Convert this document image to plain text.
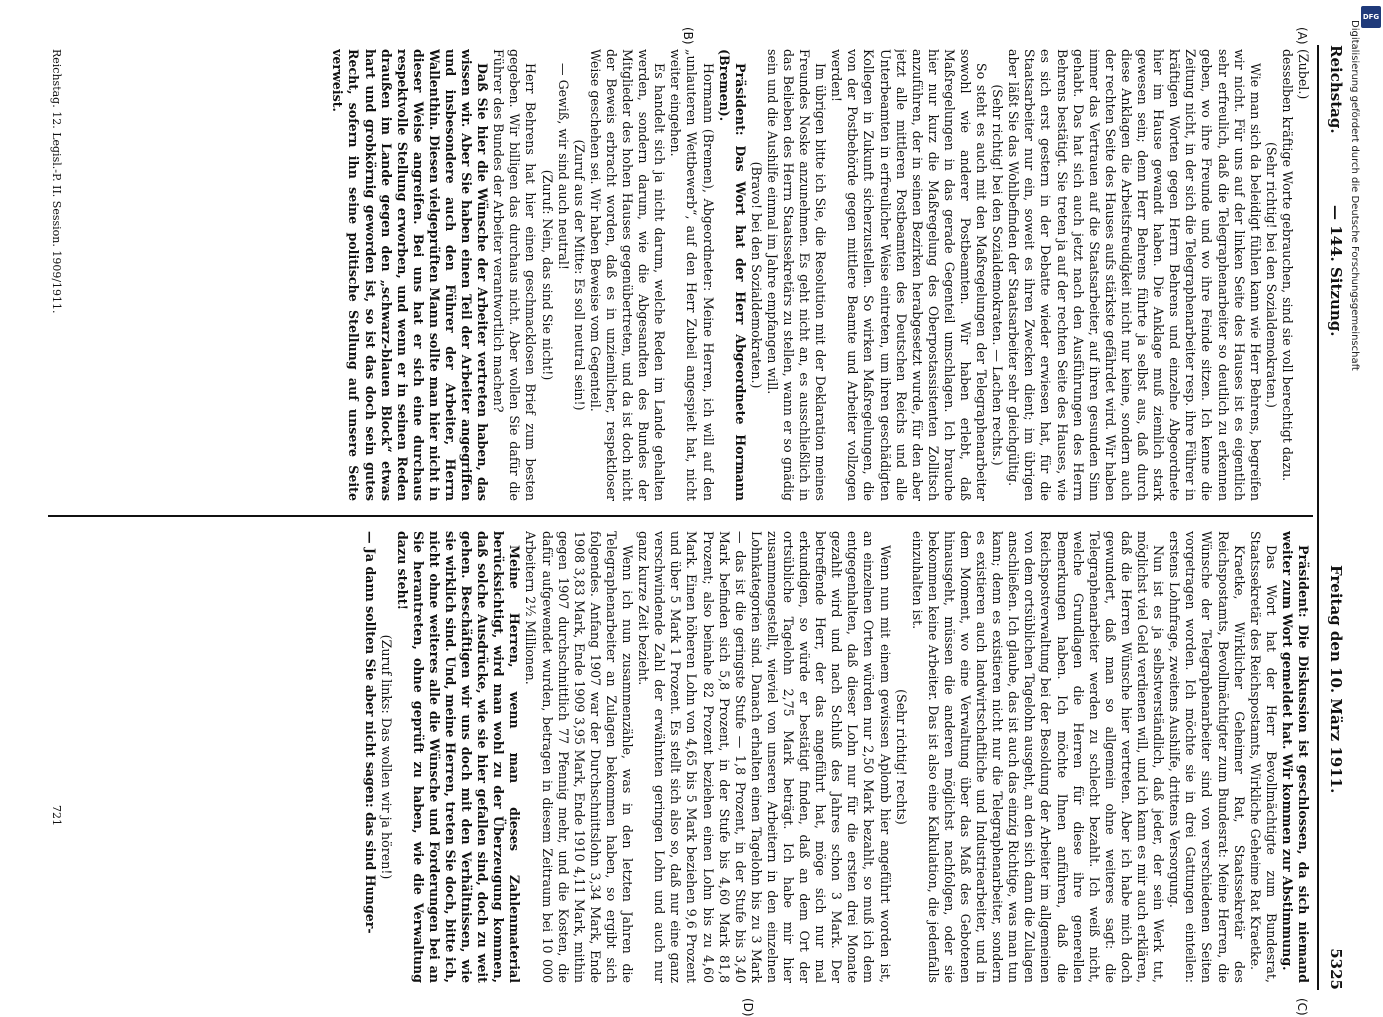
Reichstag.
— 144. Sitzung.
Freitag den 10. März 1911.
5325
(A)
(B)
(C)
(D)

(Zubel.)

desselben kräftige Worte gebrauchen, sind sie voll berechtigt dazu.

(Sehr richtig! bei den Sozialdemokraten.)

Wie man sich da beleidigt fühlen kann wie Herr Behrens, begreifen wir nicht. Für uns auf der linken Seite des Hauses ist es eigentlich sehr erfreulich, daß die Telegraphenarbeiter so deutlich zu erkennen geben, wo ihre Freunde und wo ihre Feinde sitzen. Ich kenne die Zeitung nicht, in der sich die Telegraphenarbeiter resp. ihre Führer in kräftigen Worten gegen Herrn Behrens und einzelne Abgeordnete hier im Hause gewandt haben. Die Anklage muß ziemlich stark gewesen sein; denn Herr Behrens führte ja selbst aus, daß durch diese Anklagen die Arbeitsfreudigkeit nicht nur keine, sondern auch der rechten Seite des Hauses aufs stärkste gefährdet wird. Wir haben immer das Vertrauen auf die Staatsarbeiter, auf ihren gesunden Sinn gehabt. Das hat sich auch jetzt nach den Ausführungen des Herrn Behrens bestätigt. Sie treten ja auf der rechten Seite des Hauses, wie es sich erst gestern in der Debatte wieder erwiesen hat, für die Staatsarbeiter nur ein, soweit es ihren Zwecken dient; im übrigen aber läßt Sie das Wohlbefinden der Staatsarbeiter sehr gleichgültig.

(Sehr richtig! bei den Sozialdemokraten. — Lachen rechts.)

So steht es auch mit den Maßregelungen der Telegraphenarbeiter sowohl wie anderer Postbeamten. Wir haben erlebt, daß Maßregelungen in das gerade Gegenteil umschlagen. Ich brauche hier nur kurz die Maßregelung des Oberpostassistenten Zollitsch anzuführen, der in seinen Bezirken herabgesetzt wurde, für den aber jetzt alle mittleren Postbeamten des Deutschen Reichs und alle Unterbeamten in erfreulicher Weise eintreten, um ihren geschädigten Kollegen in Zukunft sicherzustellen. So wirken Maßregelungen, die von der Postbehörde gegen mittlere Beamte und Arbeiter vollzogen werden!

Im übrigen bitte ich Sie, die Resolution mit der Deklaration meines Freundes Noske anzunehmen. Es geht nicht an, es ausschließlich in das Belieben des Herrn Staatssekretärs zu stellen, wann er so gnädig sein und die Aushilfe einmal im Jahre empfangen will.

(Bravo! bei den Sozialdemokraten.)

Präsident: Das Wort hat der Herr Abgeordnete Hormann (Bremen).

Hormann (Bremen), Abgeordneter: Meine Herren, ich will auf den „unlauteren Wettbewerb“, auf den Herr Zubeil angespielt hat, nicht weiter eingehen.

Es handelt sich ja nicht darum, welche Reden im Lande gehalten werden, sondern darum, wie die Abgesandten des Bundes der Mitglieder des hohen Hauses gegenübertreten, und da ist doch nicht der Beweis erbracht worden, daß es in unziemlicher, respektloser Weise geschehen sei. Wir haben Beweise vom Gegenteil.

(Zuruf aus der Mitte: Es soll neutral sein!)

— Gewiß, wir sind auch neutral!

(Zuruf: Nein, das sind Sie nicht!)

Herr Behrens hat hier einen geschmacklosen Brief zum besten gegeben. Wir billigen das durchaus nicht. Aber wollen Sie dafür die Führer des Bundes der Arbeiter verantwortlich machen?

Daß Sie hier die Wünsche der Arbeiter vertreten haben, das wissen wir. Aber Sie haben einen Teil der Arbeiter angegriffen und insbesondere auch den Führer der Arbeiter, Herrn Wallenthin. Diesen vielgeprüften Mann sollte man hier nicht in dieser Weise angreifen. Bei uns hat er sich eine durchaus respektvolle Stellung erworben, und wenn er in seinen Reden draußen im Lande gegen den „schwarz-blauen Block“ etwas hart und grobkörnig geworden ist, so ist das doch sein gutes Recht, sofern ihn seine politische Stellung auf unsere Seite verweist.

Präsident: Die Diskussion ist geschlossen, da sich niemand weiter zum Wort gemeldet hat. Wir kommen zur Abstimmung.

Das Wort hat der Herr Bevollmächtigte zum Bundesrat, Staatssekretär des Reichspostamts, Wirkliche Geheime Rat Kraetke.

Kraetke, Wirklicher Geheimer Rat, Staatssekretär des Reichspostamts, Bevollmächtigter zum Bundesrat: Meine Herren, die Wünsche der Telegraphenarbeiter sind von verschiedenen Seiten vorgetragen worden. Ich möchte sie in drei Gattungen einteilen: erstens Lohnfrage, zweitens Aushilfe, drittens Versorgung.

Nun ist es ja selbstverständlich, daß jeder, der sein Werk tut, möglichst viel Geld verdienen will, und ich kann es mir auch erklären, daß die Herren Wünsche hier vertreten. Aber ich habe mich doch gewundert, daß man so allgemein ohne weiteres sagt: die Telegraphenarbeiter werden zu schlecht bezahlt. Ich weiß nicht, welche Grundlagen die Herren für diese ihre generellen Bemerkungen haben. Ich möchte Ihnen anführen, daß die Reichspostverwaltung bei der Besoldung der Arbeiter im allgemeinen von dem ortsüblichen Tagelohn ausgeht, an den sich dann die Zulagen anschließen. Ich glaube, das ist auch das einzig Richtige, was man tun kann; denn es existieren nicht nur die Telegraphenarbeiter, sondern es existieren auch landwirtschaftliche und Industriearbeiter, und in dem Moment, wo eine Verwaltung über das Maß des Gebotenen hinausgeht, müssen die anderen möglichst nachfolgen, oder sie bekommen keine Arbeiter. Das ist also eine Kalkulation, die jedenfalls einzuhalten ist.

(Sehr richtig! rechts)

Wenn nun mit einem gewissen Aplomb hier angeführt worden ist, an einzelnen Orten würden nur 2,50 Mark bezahlt, so muß ich dem entgegenhalten, daß dieser Lohn nur für die ersten drei Monate gezahlt wird und nach Schluß des Jahres schon 3 Mark. Der betreffende Herr, der das angeführt hat, möge sich nur mal erkundigen, so würde er bestätigt finden, daß an dem Ort der ortsübliche Tagelohn 2,75 Mark beträgt. Ich habe mir hier zusammengestellt, wieviel von unseren Arbeitern in den einzelnen Lohnkategorien sind. Danach erhalten einen Tagelohn bis zu 3 Mark — das ist die geringste Stufe — 1,8 Prozent, in der Stufe bis 3,40 Mark befinden sich 5,8 Prozent, in der Stufe bis 4,60 Mark 81,8 Prozent; also beinahe 82 Prozent beziehen einen Lohn bis zu 4,60 Mark. Einen höheren Lohn von 4,65 bis 5 Mark beziehen 9,6 Prozent und über 5 Mark 1 Prozent. Es stellt sich also so, daß nur eine ganz verschwindende Zahl der erwähnten geringen Lohn und auch nur ganz kurze Zeit bezieht.

Wenn ich nun zusammenzähle, was in den letzten Jahren die Telegraphenarbeiter an Zulagen bekommen haben, so ergibt sich folgendes. Anfang 1907 war der Durchschnittslohn 3,34 Mark, Ende 1908 3,83 Mark, Ende 1909 3,95 Mark, Ende 1910 4,11 Mark, mithin gegen 1907 durchschnittlich 77 Pfennig mehr, und die Kosten, die dafür aufgewendet wurden, betragen in diesem Zeitraum bei 10 000 Arbeitern 2¹⁄₂ Millionen.

Meine Herren, wenn man dieses Zahlenmaterial berücksichtigt, wird man wohl zu der Überzeugung kommen, daß solche Ausdrücke, wie sie hier gefallen sind, doch zu weit gehen. Beschäftigen wir uns doch mit den Verhältnissen, wie sie wirklich sind. Und, meine Herren, treten Sie doch, bitte ich, nicht ohne weiteres alle die Wünsche und Forderungen bei an Sie herantreten, ohne geprüft zu haben, wie die Verwaltung dazu steht!

(Zuruf links: Das wollen wir ja hören!)

— Ja dann sollten Sie aber nicht sagen: das sind Hunger-

Reichstag. 12. Legisl.-P. II. Session. 1909/1911.
721
DFG
Digitalisierung gefördert durch die Deutsche Forschungsgemeinschaft
